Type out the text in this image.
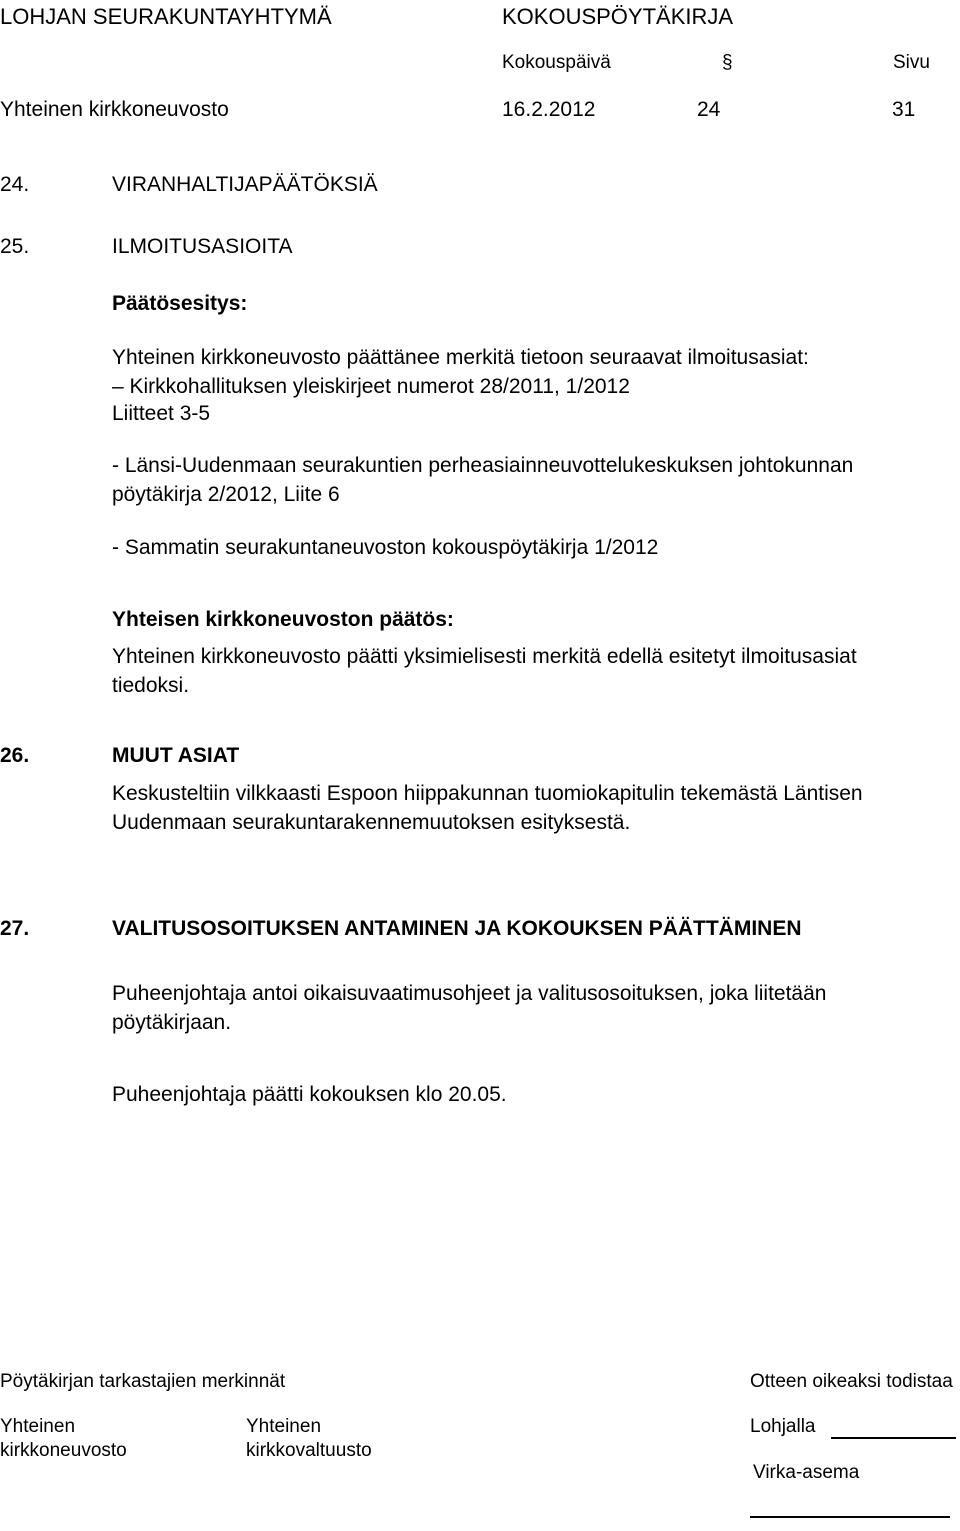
LOHJAN SEURAKUNTAYHTYMÄ	KOKOUSPÖYTÄKIRJA
Kokouspäivä	§	Sivu
Yhteinen kirkkoneuvosto	16.2.2012	24	31
24.	VIRANHALTIJAPÄÄTÖKSIÄ
25.	ILMOITUSASIOITA
Päätösesitys:
Yhteinen kirkkoneuvosto päättänee merkitä tietoon seuraavat ilmoitusasiat:
– Kirkkohallituksen yleiskirjeet numerot 28/2011, 1/2012
Liitteet 3-5
- Länsi-Uudenmaan seurakuntien perheasiainneuvottelukeskuksen johtokunnan
pöytäkirja 2/2012, Liite 6
- Sammatin seurakuntaneuvoston kokouspöytäkirja 1/2012
Yhteisen kirkkoneuvoston päätös:
Yhteinen kirkkoneuvosto päätti yksimielisesti merkitä edellä esitetyt ilmoitusasiat
tiedoksi.
26.	MUUT ASIAT
Keskusteltiin vilkkaasti Espoon hiippakunnan tuomiokapitulin tekemästä Läntisen
Uudenmaan seurakuntarakennemuutoksen esityksestä.
27.	VALITUSOSOITUKSEN ANTAMINEN JA KOKOUKSEN PÄÄTTÄMINEN
Puheenjohtaja antoi oikaisuvaatimusohjeet ja valitusosoituksen, joka liitetään
pöytäkirjaan.
Puheenjohtaja päätti kokouksen klo 20.05.
Pöytäkirjan tarkastajien merkinnät	Otteen oikeaksi todistaa
Yhteinen
kirkkoneuvosto
Yhteinen
kirkkovaltuusto
Lohjalla
Virka-asema
